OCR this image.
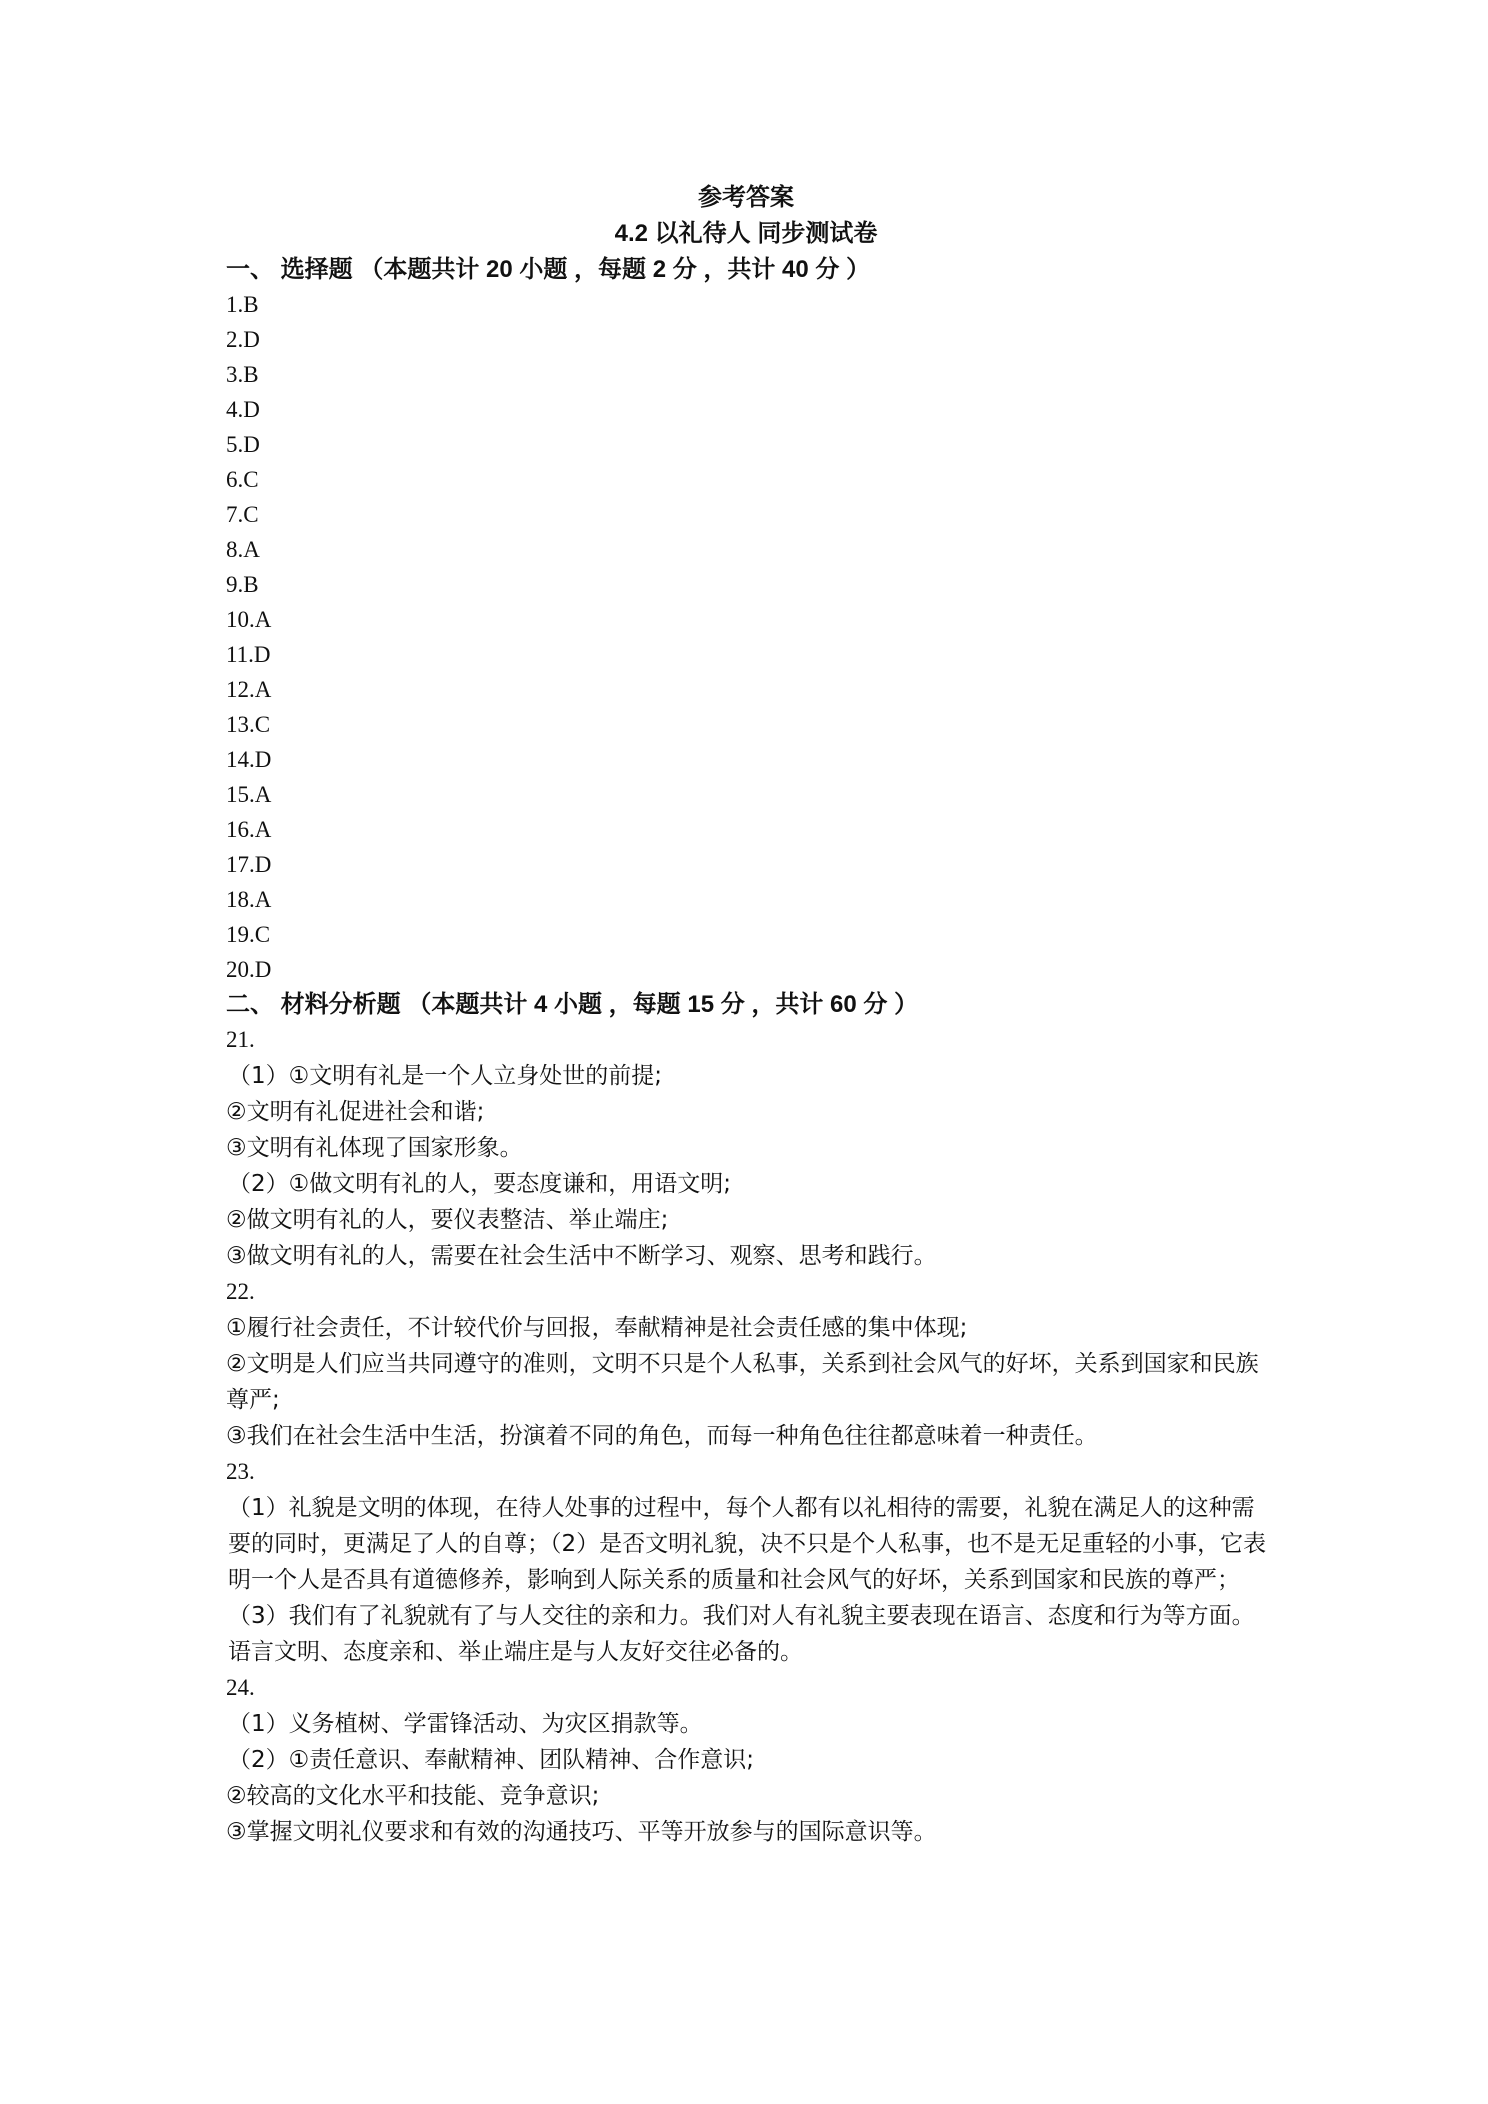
参考答案
4.2 以礼待人 同步测试卷
一、 选择题 （本题共计 20 小题 ，每题 2 分 ，共计 40 分 ）
1.B
2.D
3.B
4.D
5.D
6.C
7.C
8.A
9.B
10.A
11.D
12.A
13.C
14.D
15.A
16.A
17.D
18.A
19.C
20.D
二、 材料分析题 （本题共计 4 小题 ，每题 15 分 ，共计 60 分 ）
21.
（1）①文明有礼是一个人立身处世的前提;
②文明有礼促进社会和谐;
③文明有礼体现了国家形象。
（2）①做文明有礼的人，要态度谦和，用语文明;
②做文明有礼的人，要仪表整洁、举止端庄;
③做文明有礼的人，需要在社会生活中不断学习、观察、思考和践行。
22.
①履行社会责任，不计较代价与回报，奉献精神是社会责任感的集中体现;
②文明是人们应当共同遵守的准则，文明不只是个人私事，关系到社会风气的好坏，关系到国家和民族尊严;
③我们在社会生活中生活，扮演着不同的角色，而每一种角色往往都意味着一种责任。
23.
（1）礼貌是文明的体现，在待人处事的过程中，每个人都有以礼相待的需要，礼貌在满足人的这种需要的同时，更满足了人的自尊；（2）是否文明礼貌，决不只是个人私事，也不是无足重轻的小事，它表明一个人是否具有道德修养，影响到人际关系的质量和社会风气的好坏，关系到国家和民族的尊严；（3）我们有了礼貌就有了与人交往的亲和力。我们对人有礼貌主要表现在语言、态度和行为等方面。语言文明、态度亲和、举止端庄是与人友好交往必备的。
24.
（1）义务植树、学雷锋活动、为灾区捐款等。
（2）①责任意识、奉献精神、团队精神、合作意识;
②较高的文化水平和技能、竞争意识;
③掌握文明礼仪要求和有效的沟通技巧、平等开放参与的国际意识等。
